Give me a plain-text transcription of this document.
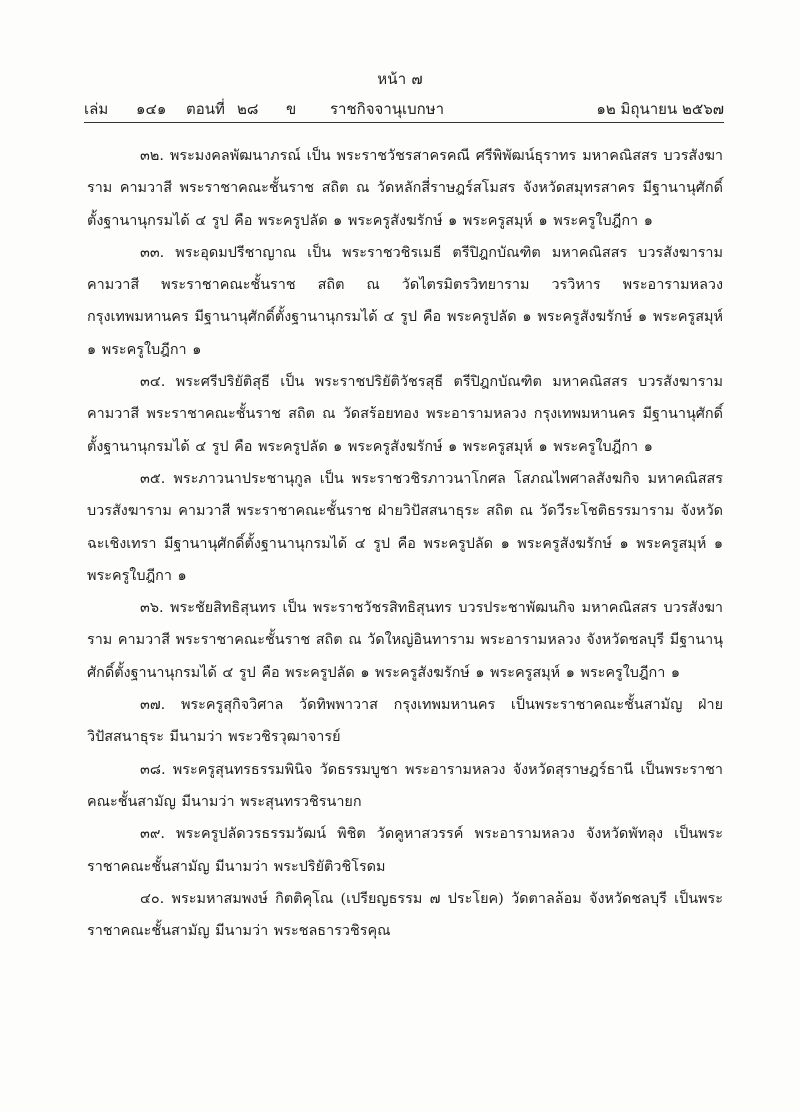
หน้า ๗
เล่ม ๑๔๑ ตอนที่ ๒๘ ข ราชกิจจานุเบกษา	๑๒ มิถุนายน ๒๕๖๗

๓๒. พระมงคลพัฒนาภรณ์ เป็น พระราชวัชรสาครคณี ศรีพิพัฒน์ธุราทร มหาคณิสสร บวรสังฆาราม คามวาสี พระราชาคณะชั้นราช สถิต ณ วัดหลักสี่ราษฎร์สโมสร จังหวัดสมุทรสาคร มีฐานานุศักดิ์ตั้งฐานานุกรมได้ ๔ รูป คือ พระครูปลัด ๑ พระครูสังฆรักษ์ ๑ พระครูสมุห์ ๑ พระครูใบฎีกา ๑

๓๓. พระอุดมปรีชาญาณ เป็น พระราชวชิรเมธี ตรีปิฎกบัณฑิต มหาคณิสสร บวรสังฆาราม คามวาสี พระราชาคณะชั้นราช สถิต ณ วัดไตรมิตรวิทยาราม วรวิหาร พระอารามหลวง กรุงเทพมหานคร มีฐานานุศักดิ์ตั้งฐานานุกรมได้ ๔ รูป คือ พระครูปลัด ๑ พระครูสังฆรักษ์ ๑ พระครูสมุห์ ๑ พระครูใบฎีกา ๑

๓๔. พระศรีปริยัติสุธี เป็น พระราชปริยัติวัชรสุธี ตรีปิฎกบัณฑิต มหาคณิสสร บวรสังฆาราม คามวาสี พระราชาคณะชั้นราช สถิต ณ วัดสร้อยทอง พระอารามหลวง กรุงเทพมหานคร มีฐานานุศักดิ์ตั้งฐานานุกรมได้ ๔ รูป คือ พระครูปลัด ๑ พระครูสังฆรักษ์ ๑ พระครูสมุห์ ๑ พระครูใบฎีกา ๑

๓๕. พระภาวนาประชานุกูล เป็น พระราชวชิรภาวนาโกศล โสภณไพศาลสังฆกิจ มหาคณิสสร บวรสังฆาราม คามวาสี พระราชาคณะชั้นราช ฝ่ายวิปัสสนาธุระ สถิต ณ วัดวีระโชติธรรมาราม จังหวัดฉะเชิงเทรา มีฐานานุศักดิ์ตั้งฐานานุกรมได้ ๔ รูป คือ พระครูปลัด ๑ พระครูสังฆรักษ์ ๑ พระครูสมุห์ ๑ พระครูใบฎีกา ๑

๓๖. พระชัยสิทธิสุนทร เป็น พระราชวัชรสิทธิสุนทร บวรประชาพัฒนกิจ มหาคณิสสร บวรสังฆาราม คามวาสี พระราชาคณะชั้นราช สถิต ณ วัดใหญ่อินทาราม พระอารามหลวง จังหวัดชลบุรี มีฐานานุศักดิ์ตั้งฐานานุกรมได้ ๔ รูป คือ พระครูปลัด ๑ พระครูสังฆรักษ์ ๑ พระครูสมุห์ ๑ พระครูใบฎีกา ๑

๓๗. พระครูสุกิจวิศาล วัดทิพพาวาส กรุงเทพมหานคร เป็นพระราชาคณะชั้นสามัญ ฝ่ายวิปัสสนาธุระ มีนามว่า พระวชิรวุฒาจารย์

๓๘. พระครูสุนทรธรรมพินิจ วัดธรรมบูชา พระอารามหลวง จังหวัดสุราษฎร์ธานี เป็นพระราชาคณะชั้นสามัญ มีนามว่า พระสุนทรวชิรนายก

๓๙. พระครูปลัดวรธรรมวัฒน์ พิชิต วัดคูหาสวรรค์ พระอารามหลวง จังหวัดพัทลุง เป็นพระราชาคณะชั้นสามัญ มีนามว่า พระปริยัติวชิโรดม

๔๐. พระมหาสมพงษ์ กิตติคุโณ (เปรียญธรรม ๗ ประโยค) วัดตาลล้อม จังหวัดชลบุรี เป็นพระราชาคณะชั้นสามัญ มีนามว่า พระชลธารวชิรคุณ
